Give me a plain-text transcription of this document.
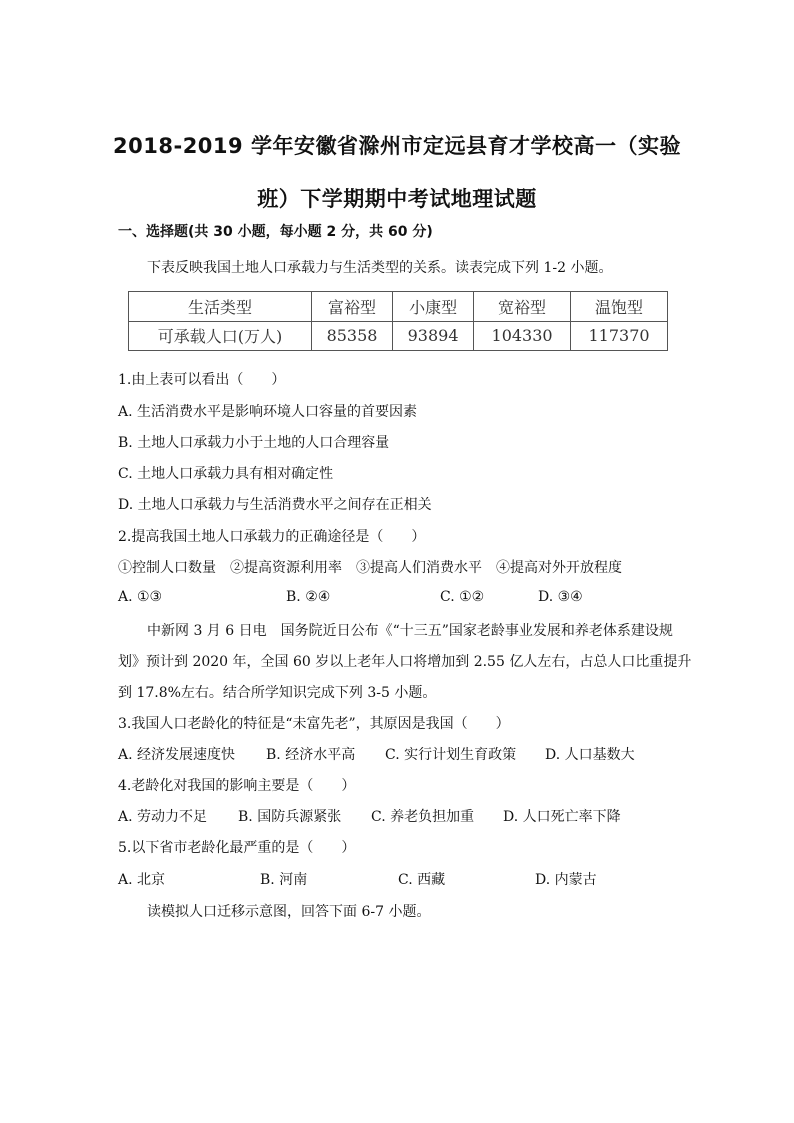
2018-2019 学年安徽省滁州市定远县育才学校高一（实验
班）下学期期中考试地理试题
一、选择题(共 30 小题，每小题 2 分，共 60 分)
下表反映我国土地人口承载力与生活类型的关系。读表完成下列 1-2 小题。
生活类型	富裕型	小康型	宽裕型	温饱型
可承载人口(万人)	85358	93894	104330	117370
1.由上表可以看出（　　）
A. 生活消费水平是影响环境人口容量的首要因素
B. 土地人口承载力小于土地的人口合理容量
C. 土地人口承载力具有相对确定性
D. 土地人口承载力与生活消费水平之间存在正相关
2.提高我国土地人口承载力的正确途径是（　　）
①控制人口数量　②提高资源利用率　③提高人们消费水平　④提高对外开放程度
A. ①③	B. ②④	C. ①②	D. ③④
中新网 3 月 6 日电　国务院近日公布《“十三五”国家老龄事业发展和养老体系建设规
划》预计到 2020 年，全国 60 岁以上老年人口将增加到 2.55 亿人左右，占总人口比重提升
到 17.8%左右。结合所学知识完成下列 3-5 小题。
3.我国人口老龄化的特征是“未富先老”，其原因是我国（　　）
A. 经济发展速度快 B. 经济水平高 C. 实行计划生育政策 D. 人口基数大
4.老龄化对我国的影响主要是（　　）
A. 劳动力不足 B. 国防兵源紧张 C. 养老负担加重 D. 人口死亡率下降
5.以下省市老龄化最严重的是（　　）
A. 北京	B. 河南	C. 西藏	D. 内蒙古
读模拟人口迁移示意图，回答下面 6-7 小题。
